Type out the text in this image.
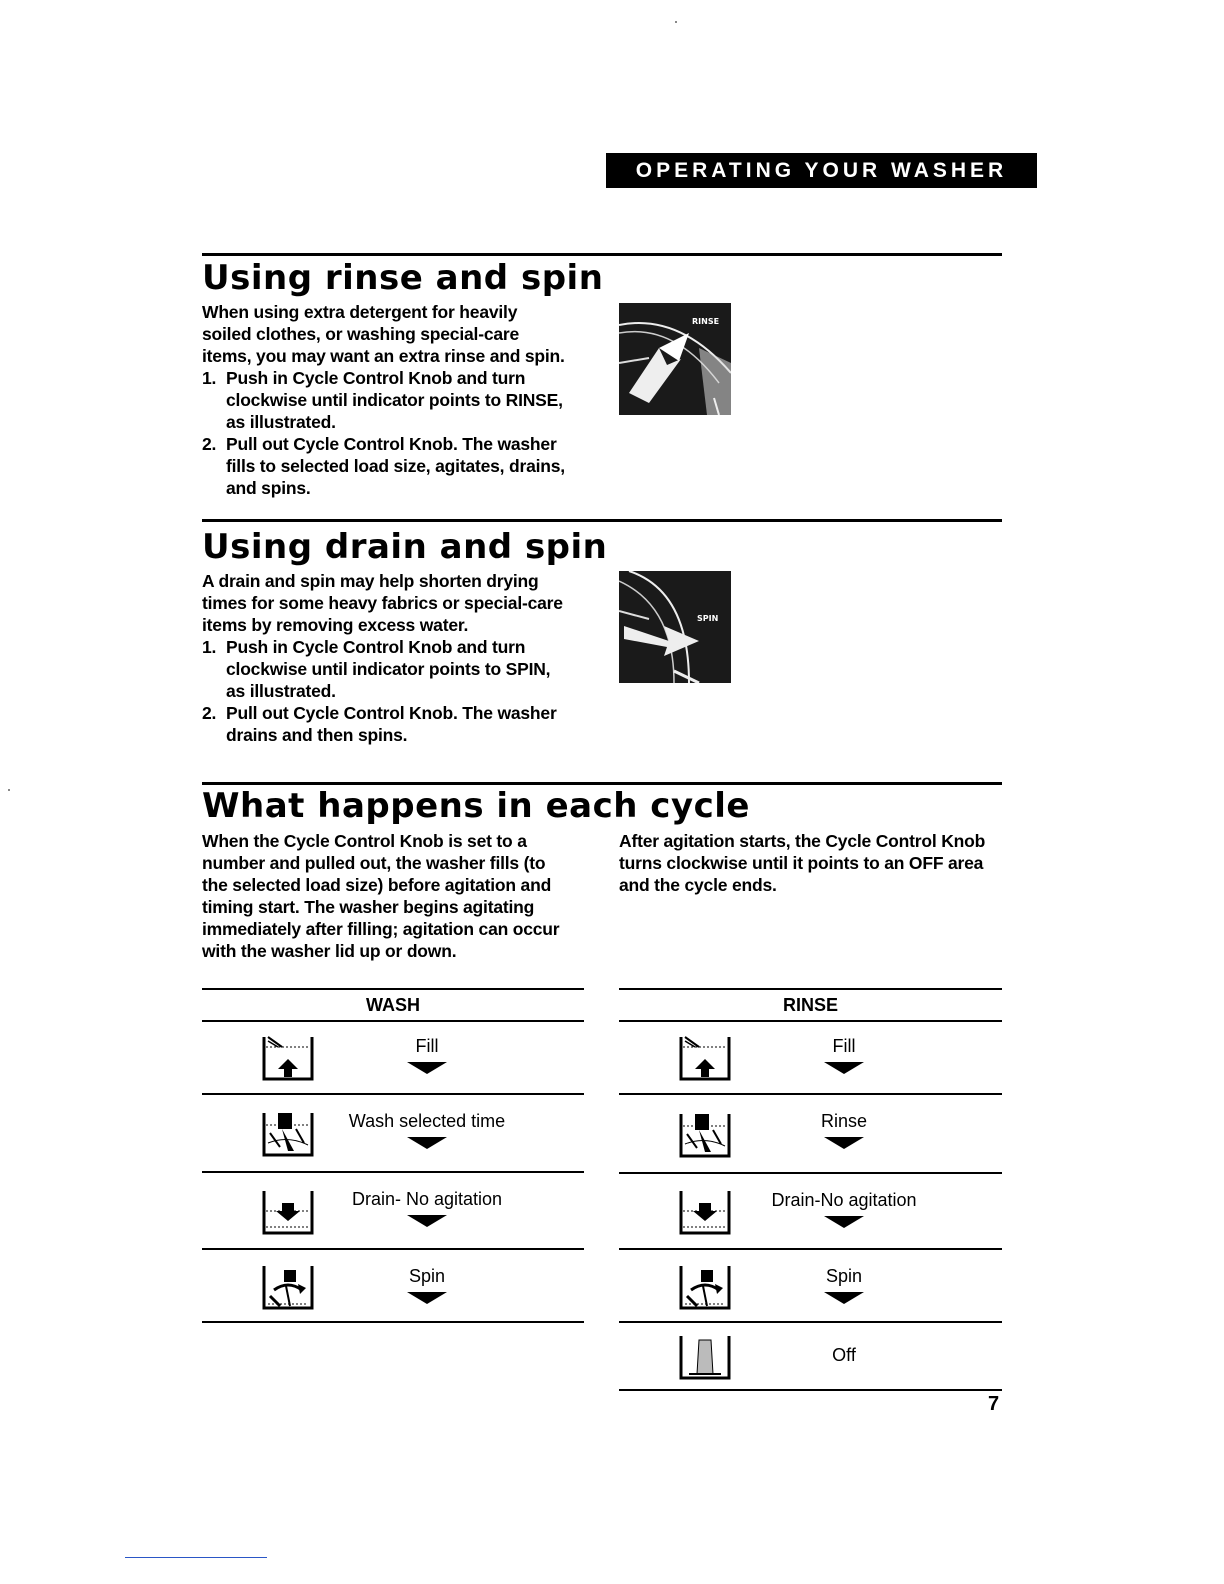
OPERATING YOUR WASHER
Using rinse and spin
When using extra detergent for heavily
soiled clothes, or washing special-care
items, you may want an extra rinse and spin.
1. Push in Cycle Control Knob and turn
clockwise until indicator points to RINSE,
as illustrated.
2. Pull out Cycle Control Knob. The washer
fills to selected load size, agitates, drains,
and spins.
RINSE
Using drain and spin
A drain and spin may help shorten drying
times for some heavy fabrics or special-care
items by removing excess water.
1. Push in Cycle Control Knob and turn
clockwise until indicator points to SPIN,
as illustrated.
2. Pull out Cycle Control Knob. The washer
drains and then spins.
SPIN
What happens in each cycle
When the Cycle Control Knob is set to a
number and pulled out, the washer fills (to
the selected load size) before agitation and
timing start. The washer begins agitating
immediately after filling; agitation can occur
with the washer lid up or down.
After agitation starts, the Cycle Control Knob
turns clockwise until it points to an OFF area
and the cycle ends.
WASH	RINSE
Fill
Wash selected time
Drain- No agitation
Spin
Fill
Rinse
Drain-No agitation
Spin
Off
7
